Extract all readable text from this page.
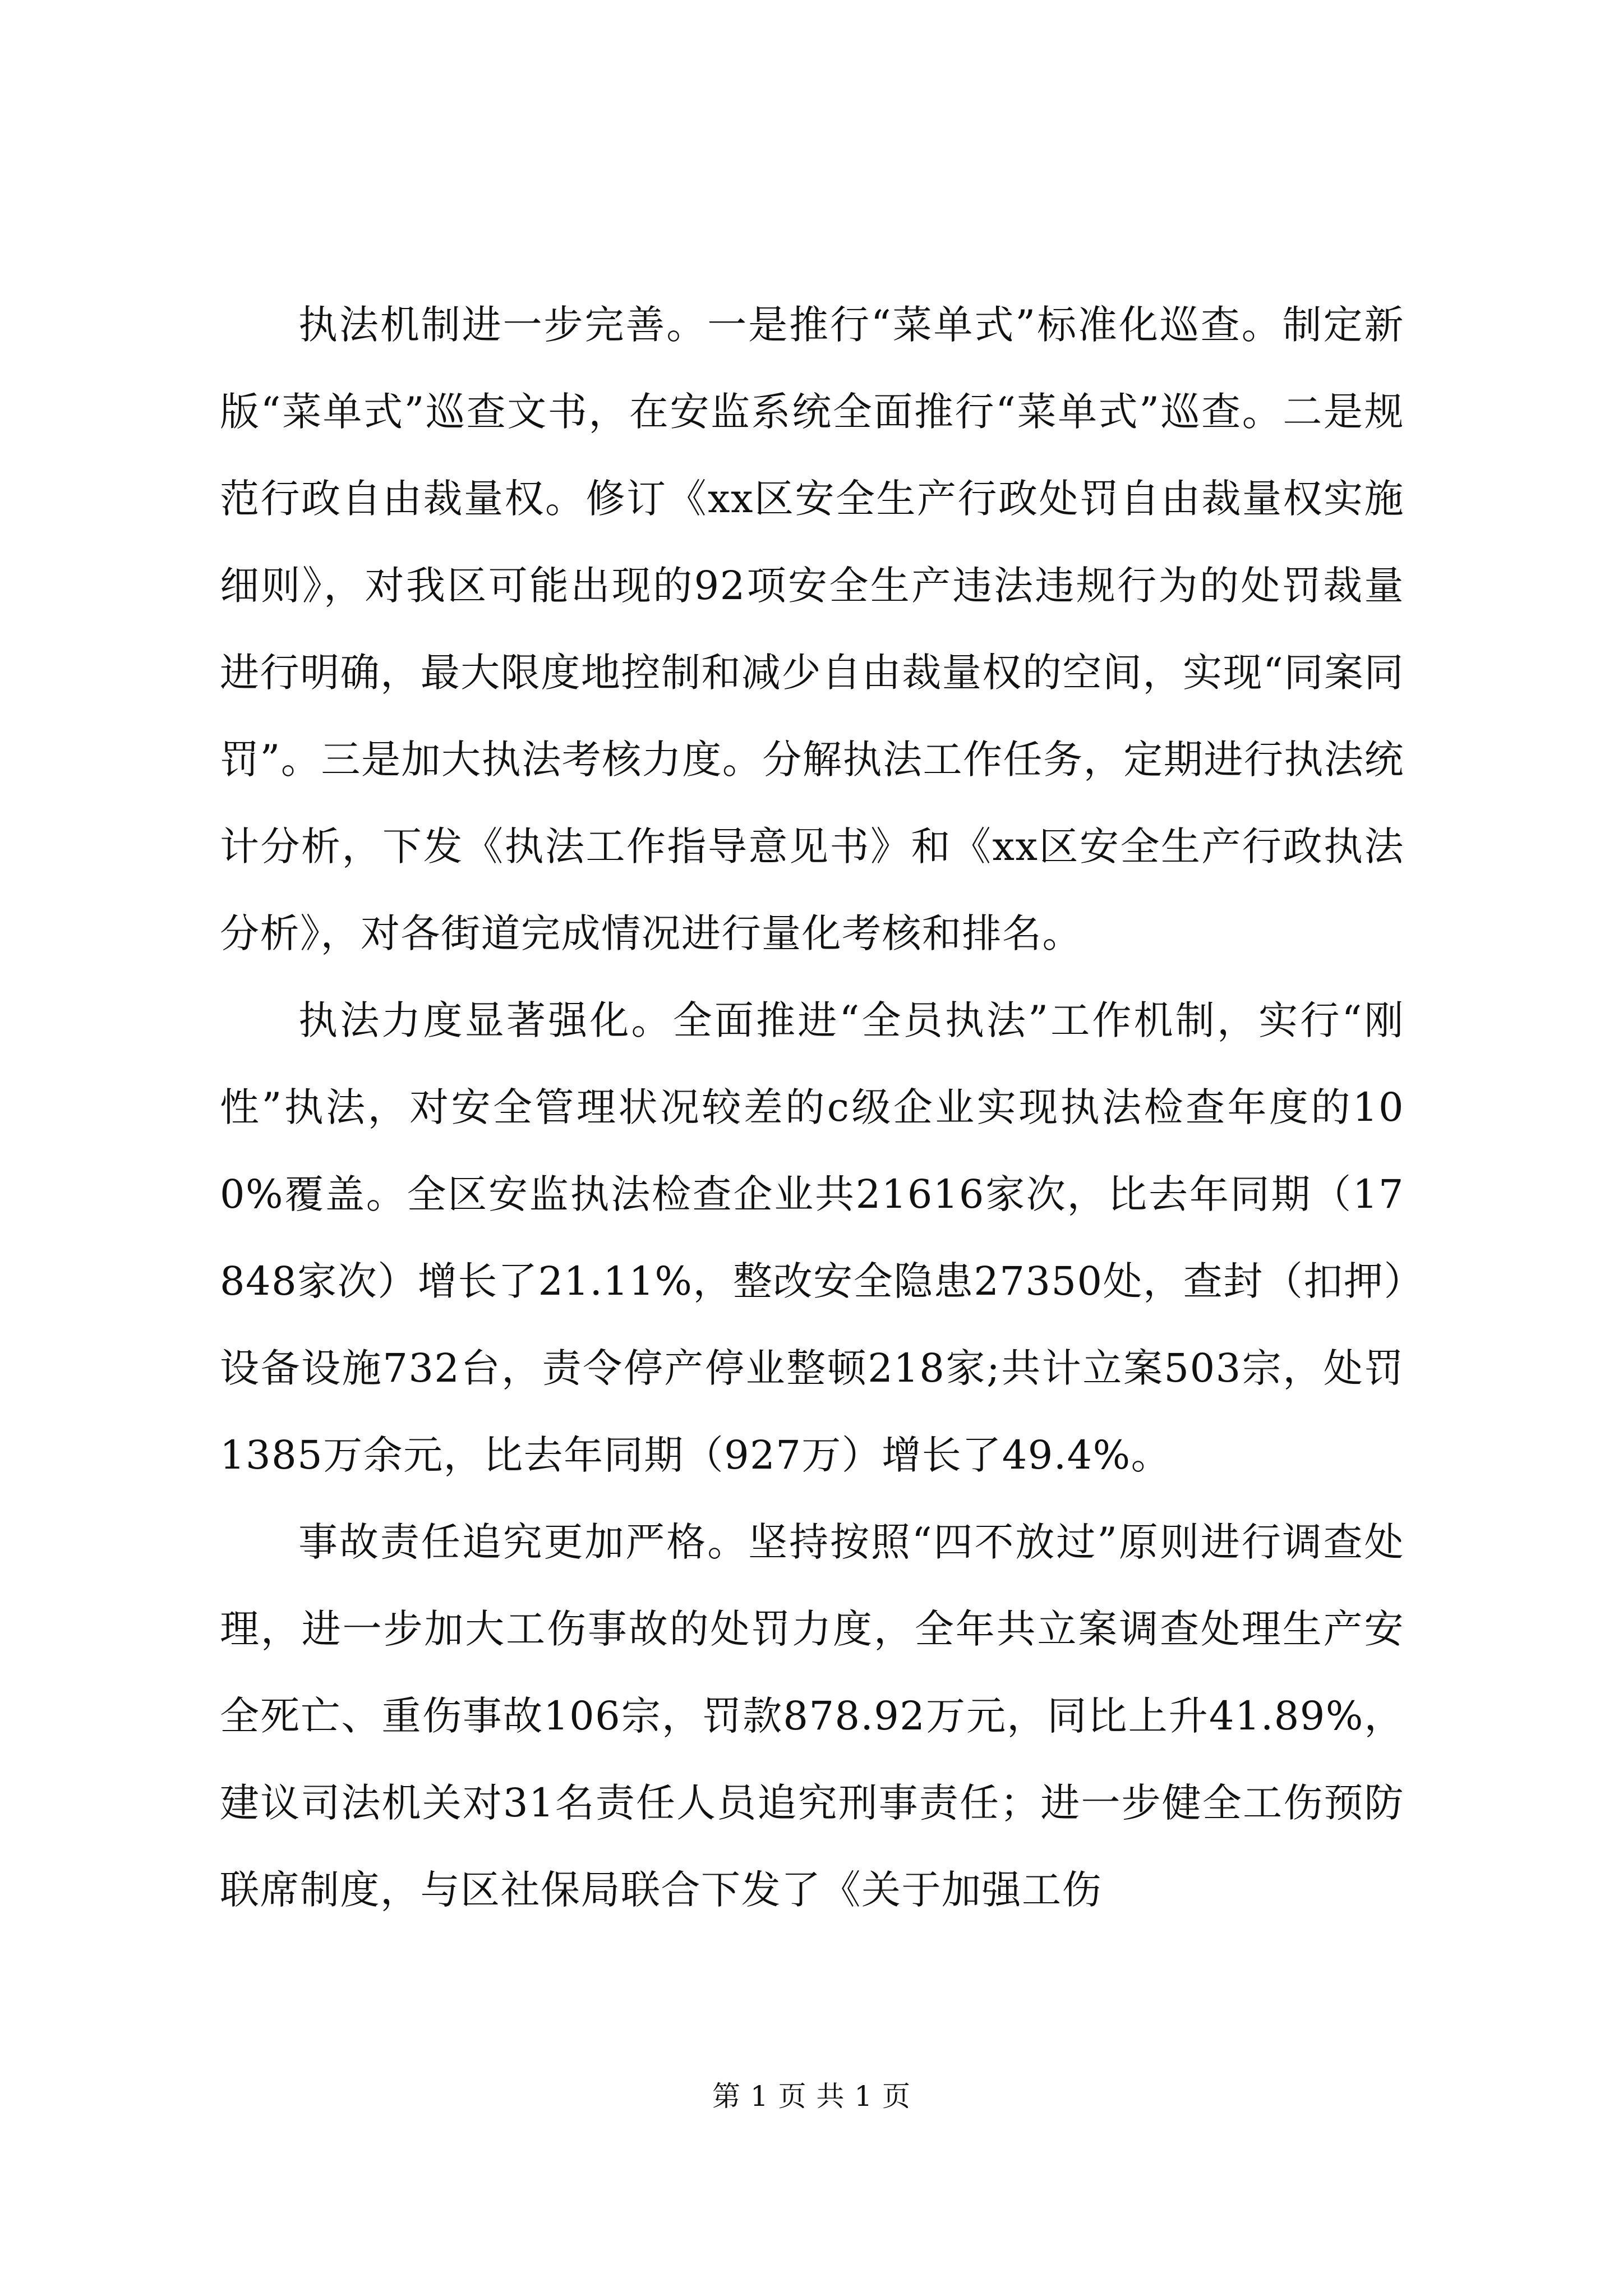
执法机制进一步完善。一是推行“菜单式”标准化巡查。制定新版“菜单式”巡查文书，在安监系统全面推行“菜单式”巡查。二是规范行政自由裁量权。修订《xx区安全生产行政处罚自由裁量权实施细则》，对我区可能出现的92项安全生产违法违规行为的处罚裁量进行明确，最大限度地控制和减少自由裁量权的空间，实现“同案同罚”。三是加大执法考核力度。分解执法工作任务，定期进行执法统计分析，下发《执法工作指导意见书》和《xx区安全生产行政执法分析》，对各街道完成情况进行量化考核和排名。

执法力度显著强化。全面推进“全员执法”工作机制，实行“刚性”执法，对安全管理状况较差的c级企业实现执法检查年度的100%覆盖。全区安监执法检查企业共21616家次，比去年同期（17848家次）增长了21.11%，整改安全隐患27350处，查封（扣押）设备设施732台，责令停产停业整顿218家;共计立案503宗，处罚1385万余元，比去年同期（927万）增长了49.4%。

事故责任追究更加严格。坚持按照“四不放过”原则进行调查处理，进一步加大工伤事故的处罚力度，全年共立案调查处理生产安全死亡、重伤事故106宗，罚款878.92万元，同比上升41.89%，建议司法机关对31名责任人员追究刑事责任；进一步健全工伤预防联席制度，与区社保局联合下发了《关于加强工伤

第 1 页 共 1 页
